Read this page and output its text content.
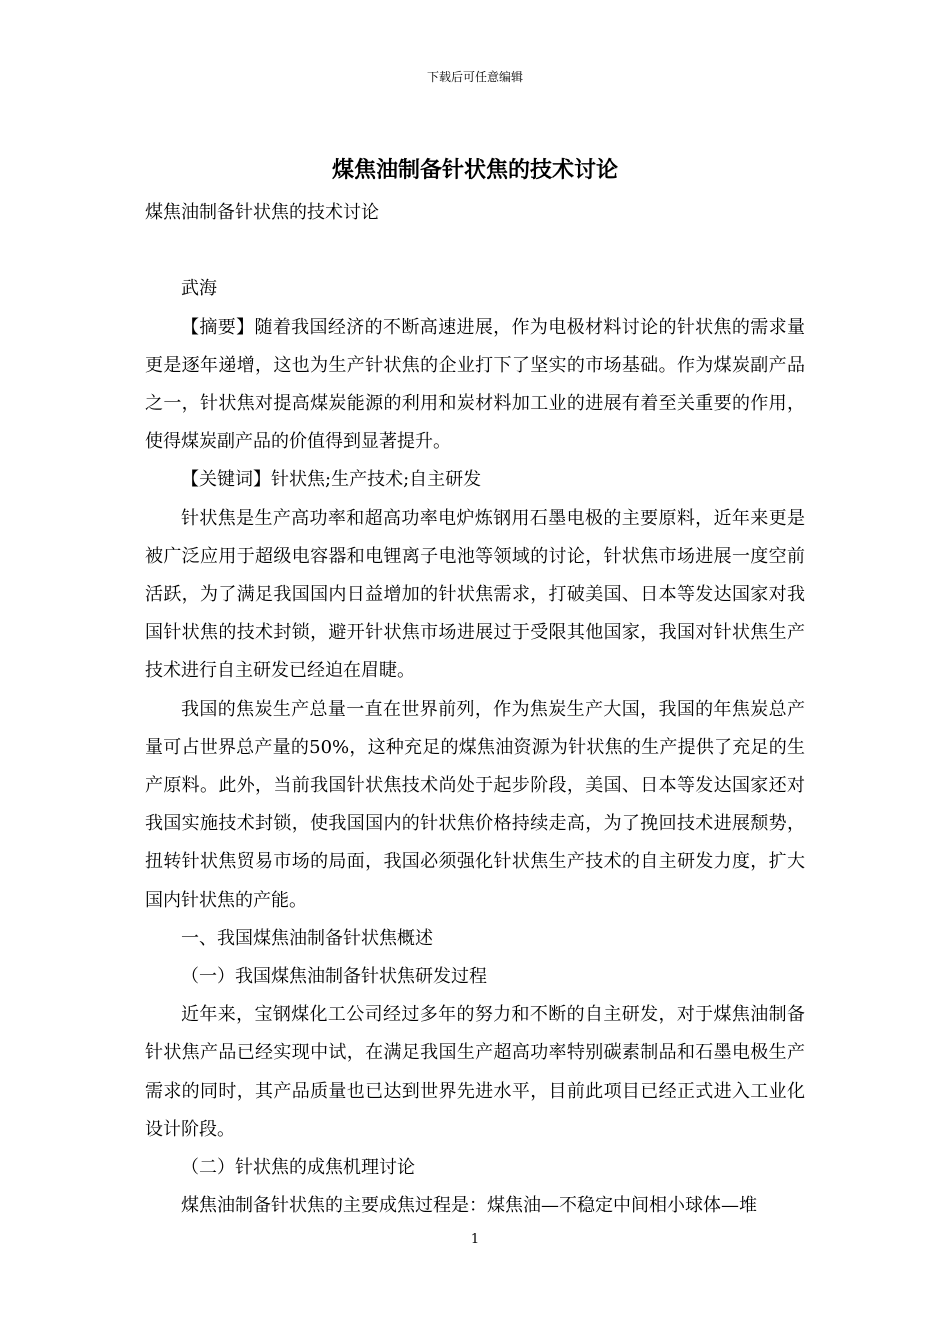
下载后可任意编辑
煤焦油制备针状焦的技术讨论

煤焦油制备针状焦的技术讨论

武海

【摘要】随着我国经济的不断高速进展，作为电极材料讨论的针状焦的需求量更是逐年递增，这也为生产针状焦的企业打下了坚实的市场基础。作为煤炭副产品之一，针状焦对提高煤炭能源的利用和炭材料加工业的进展有着至关重要的作用，使得煤炭副产品的价值得到显著提升。

【关键词】针状焦;生产技术;自主研发

针状焦是生产高功率和超高功率电炉炼钢用石墨电极的主要原料，近年来更是被广泛应用于超级电容器和电锂离子电池等领域的讨论，针状焦市场进展一度空前活跃，为了满足我国国内日益增加的针状焦需求，打破美国、日本等发达国家对我国针状焦的技术封锁，避开针状焦市场进展过于受限其他国家，我国对针状焦生产技术进行自主研发已经迫在眉睫。

我国的焦炭生产总量一直在世界前列，作为焦炭生产大国，我国的年焦炭总产量可占世界总产量的50%，这种充足的煤焦油资源为针状焦的生产提供了充足的生产原料。此外，当前我国针状焦技术尚处于起步阶段，美国、日本等发达国家还对我国实施技术封锁，使我国国内的针状焦价格持续走高，为了挽回技术进展颓势，扭转针状焦贸易市场的局面，我国必须强化针状焦生产技术的自主研发力度，扩大国内针状焦的产能。

一、我国煤焦油制备针状焦概述

（一）我国煤焦油制备针状焦研发过程

近年来，宝钢煤化工公司经过多年的努力和不断的自主研发，对于煤焦油制备针状焦产品已经实现中试，在满足我国生产超高功率特别碳素制品和石墨电极生产需求的同时，其产品质量也已达到世界先进水平，目前此项目已经正式进入工业化设计阶段。

（二）针状焦的成焦机理讨论

煤焦油制备针状焦的主要成焦过程是：煤焦油—不稳定中间相小球体—堆

1
